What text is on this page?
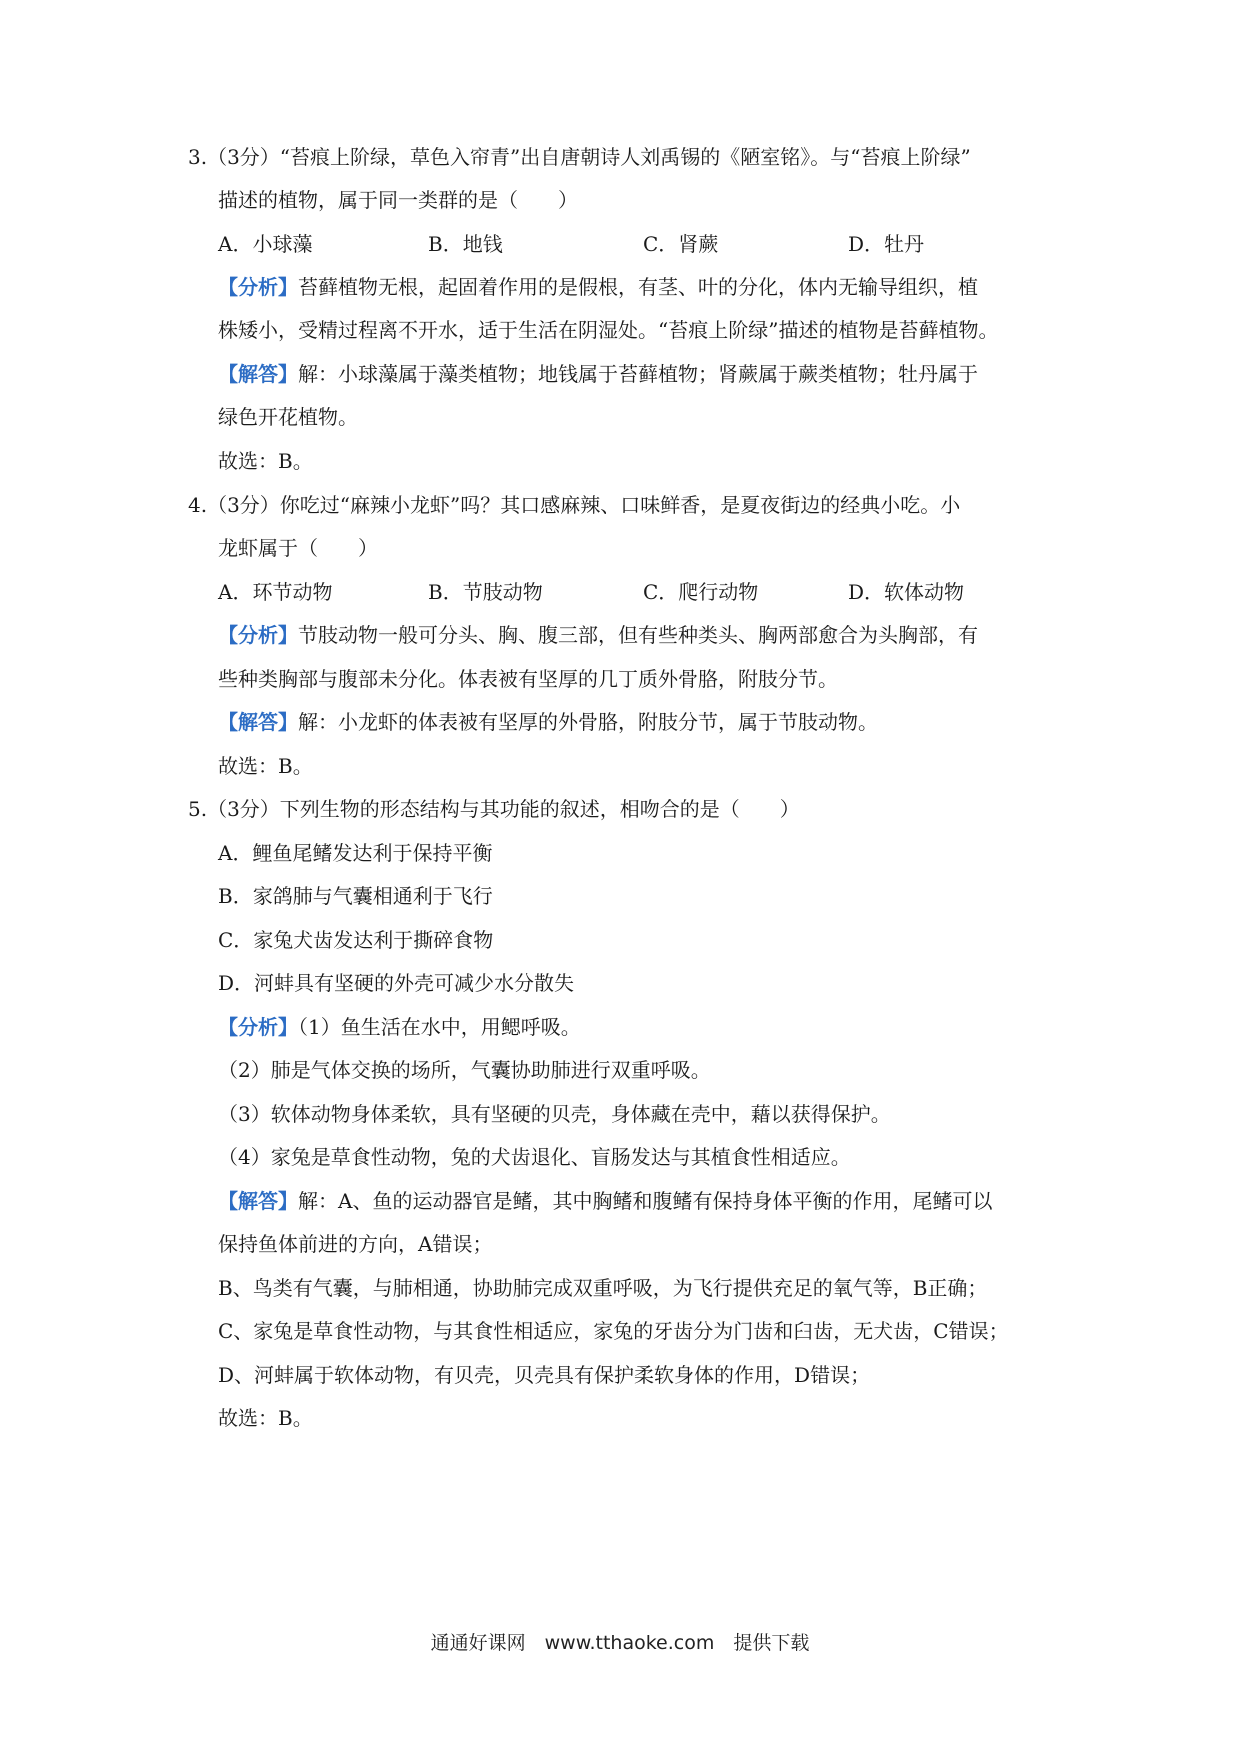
3.（3分）“苔痕上阶绿，草色入帘青”出自唐朝诗人刘禹锡的《陋室铭》。与“苔痕上阶绿”
描述的植物，属于同一类群的是（　　）
A．小球藻	B．地钱	C．肾蕨	D．牡丹
【分析】苔藓植物无根，起固着作用的是假根，有茎、叶的分化，体内无输导组织，植
株矮小，受精过程离不开水，适于生活在阴湿处。“苔痕上阶绿”描述的植物是苔藓植物。
【解答】解：小球藻属于藻类植物；地钱属于苔藓植物；肾蕨属于蕨类植物；牡丹属于
绿色开花植物。
故选：B。
4.（3分）你吃过“麻辣小龙虾”吗？其口感麻辣、口味鲜香，是夏夜街边的经典小吃。小
龙虾属于（　　）
A．环节动物	B．节肢动物	C．爬行动物	D．软体动物
【分析】节肢动物一般可分头、胸、腹三部，但有些种类头、胸两部愈合为头胸部，有
些种类胸部与腹部未分化。体表被有坚厚的几丁质外骨胳，附肢分节。
【解答】解：小龙虾的体表被有坚厚的外骨胳，附肢分节，属于节肢动物。
故选：B。
5.（3分）下列生物的形态结构与其功能的叙述，相吻合的是（　　）
A．鲤鱼尾鳍发达利于保持平衡
B．家鸽肺与气囊相通利于飞行
C．家兔犬齿发达利于撕碎食物
D．河蚌具有坚硬的外壳可减少水分散失
【分析】（1）鱼生活在水中，用鳃呼吸。
（2）肺是气体交换的场所，气囊协助肺进行双重呼吸。
（3）软体动物身体柔软，具有坚硬的贝壳，身体藏在壳中，藉以获得保护。
（4）家兔是草食性动物，兔的犬齿退化、盲肠发达与其植食性相适应。
【解答】解：A、鱼的运动器官是鳍，其中胸鳍和腹鳍有保持身体平衡的作用，尾鳍可以
保持鱼体前进的方向，A错误；
B、鸟类有气囊，与肺相通，协助肺完成双重呼吸，为飞行提供充足的氧气等，B正确；
C、家兔是草食性动物，与其食性相适应，家兔的牙齿分为门齿和臼齿，无犬齿，C错误；
D、河蚌属于软体动物，有贝壳，贝壳具有保护柔软身体的作用，D错误；
故选：B。
通通好课网　www.tthaoke.com　提供下载
